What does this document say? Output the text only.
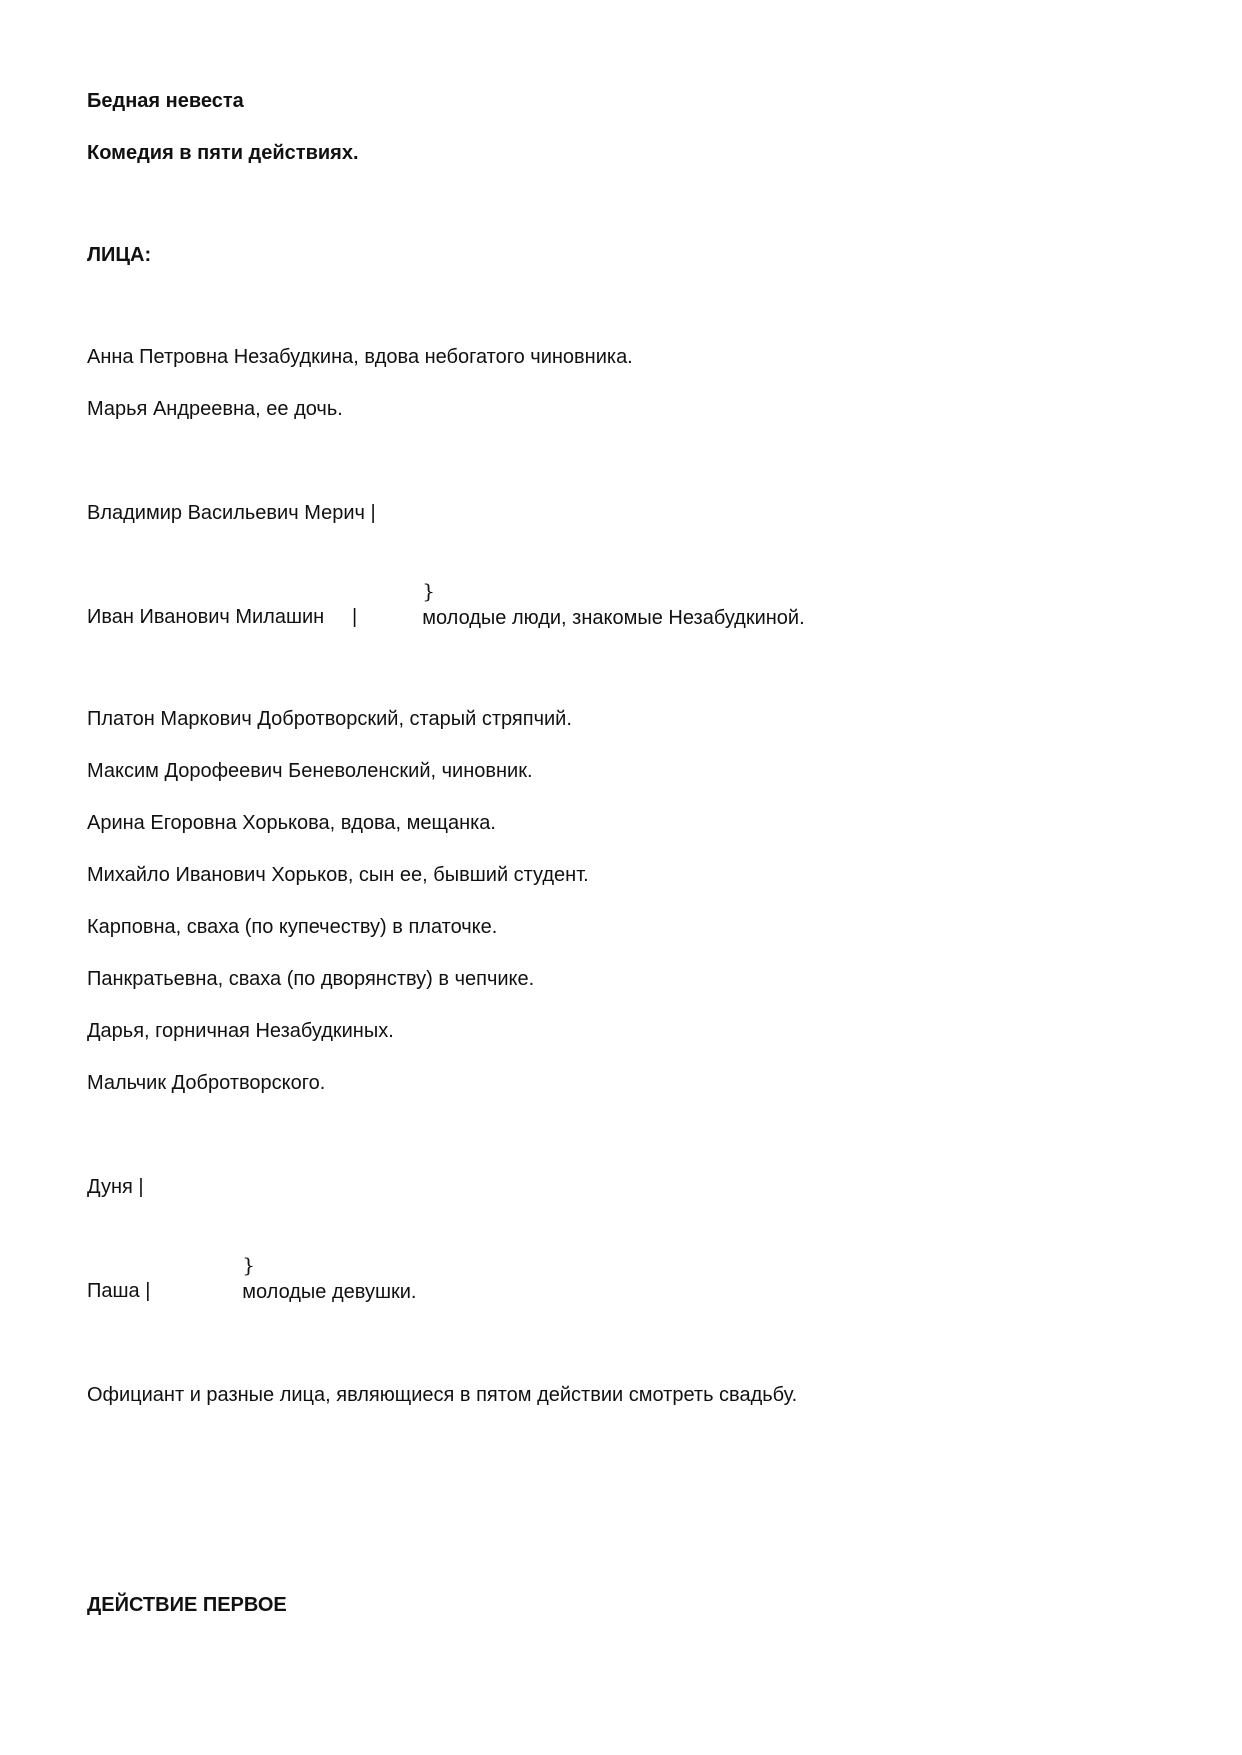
Бедная невеста
Комедия в пяти действиях.
ЛИЦА:
Анна Петровна Незабудкина, вдова небогатого чиновника.
Марья Андреевна, ее дочь.
Владимир Васильевич Мерич |

}
молодые люди, знакомые Незабудкиной.

Иван Иванович Милашин     |
Платон Маркович Добротворский, старый стряпчий.
Максим Дорофеевич Беневоленский, чиновник.
Арина Егоровна Хорькова, вдова, мещанка.
Михайло Иванович Хорьков, сын ее, бывший студент.
Карповна, сваха (по купечеству) в платочке.
Панкратьевна, сваха (по дворянству) в чепчике.
Дарья, горничная Незабудкиных.
Мальчик Добротворского.
Дуня |

}
молодые девушки.

Паша |
Официант и разные лица, являющиеся в пятом действии смотреть свадьбу.
ДЕЙСТВИЕ ПЕРВОЕ
